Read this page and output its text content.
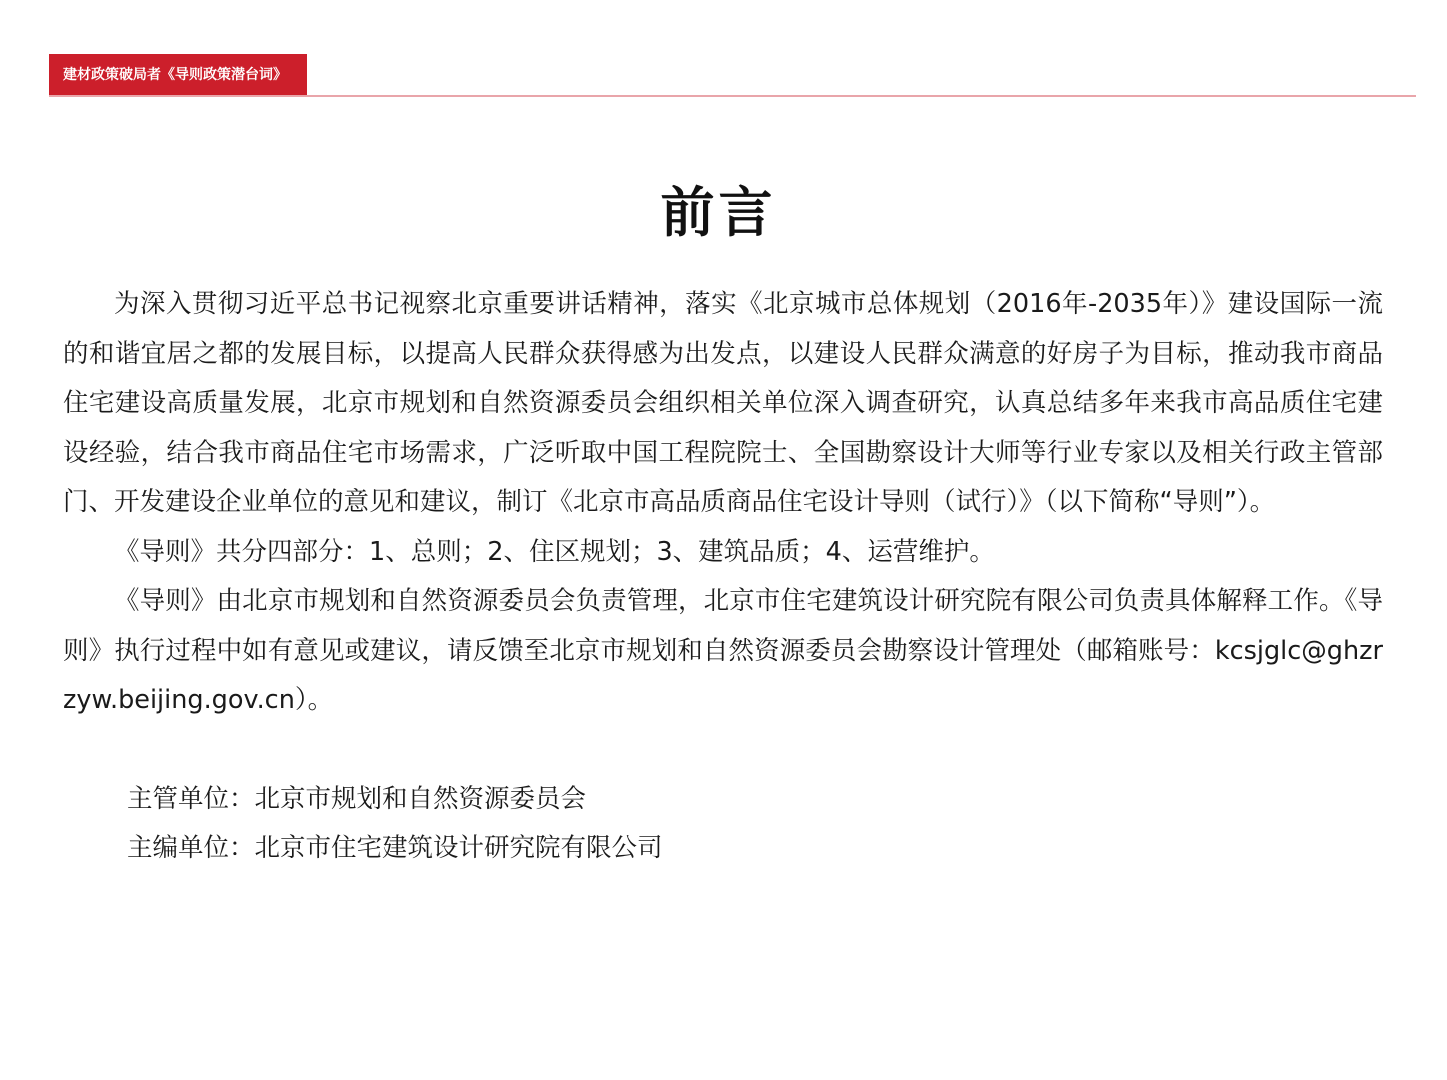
建材政策破局者《导则政策潜台词》
前言

为深入贯彻习近平总书记视察北京重要讲话精神，落实《北京城市总体规划（2016年-2035年）》建设国际一流的和谐宜居之都的发展目标，以提高人民群众获得感为出发点，以建设人民群众满意的好房子为目标，推动我市商品住宅建设高质量发展，北京市规划和自然资源委员会组织相关单位深入调查研究，认真总结多年来我市高品质住宅建设经验，结合我市商品住宅市场需求，广泛听取中国工程院院士、全国勘察设计大师等行业专家以及相关行政主管部门、开发建设企业单位的意见和建议，制订《北京市高品质商品住宅设计导则（试行）》（以下简称“导则”）。

《导则》共分四部分：1、总则；2、住区规划；3、建筑品质；4、运营维护。

《导则》由北京市规划和自然资源委员会负责管理，北京市住宅建筑设计研究院有限公司负责具体解释工作。《导则》执行过程中如有意见或建议，请反馈至北京市规划和自然资源委员会勘察设计管理处（邮箱账号：kcsjglc@ghzrzyw.beijing.gov.cn）。

主管单位：北京市规划和自然资源委员会
主编单位：北京市住宅建筑设计研究院有限公司
